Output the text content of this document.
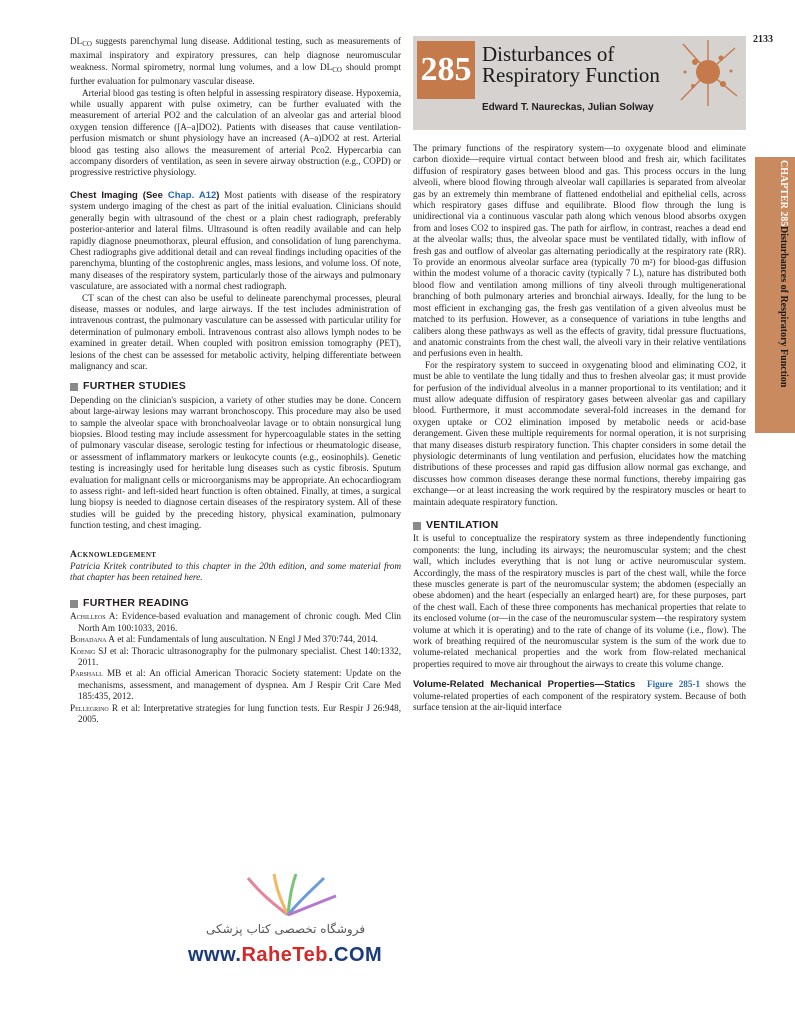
2133
285 Disturbances of
Respiratory Function
Edward T. Naureckas, Julian Solway
CHAPTER 285Disturbances of Respiratory Function

$DL_{CO}$ suggests parenchymal lung disease. Additional testing, such as measurements of maximal inspiratory and expiratory pressures, can help diagnose neuromuscular weakness. Normal spirometry, normal lung volumes, and a low $DL_{CO}$ should prompt further evaluation for pulmonary vascular disease.

Arterial blood gas testing is often helpful in assessing respiratory disease. Hypoxemia, while usually apparent with pulse oximetry, can be further evaluated with the measurement of arterial PO2 and the calculation of an alveolar gas and arterial blood oxygen tension difference ([A–a]DO2). Patients with diseases that cause ventilation-perfusion mismatch or shunt physiology have an increased (A–a)DO2 at rest. Arterial blood gas testing also allows the measurement of arterial Pco2. Hypercarbia can accompany disorders of ventilation, as seen in severe airway obstruction (e.g., COPD) or progressive restrictive physiology.

Chest Imaging (See Chap. A12) Most patients with disease of the respiratory system undergo imaging of the chest as part of the initial evaluation. Clinicians should generally begin with ultrasound of the chest or a plain chest radiograph, preferably posterior-anterior and lateral films. Ultrasound is often readily available and can help rapidly diagnose pneumothorax, pleural effusion, and consolidation of lung parenchyma. Chest radiographs give additional detail and can reveal findings including opacities of the parenchyma, blunting of the costophrenic angles, mass lesions, and volume loss. Of note, many diseases of the respiratory system, particularly those of the airways and pulmonary vasculature, are associated with a normal chest radiograph.

CT scan of the chest can also be useful to delineate parenchymal processes, pleural disease, masses or nodules, and large airways. If the test includes administration of intravenous contrast, the pulmonary vasculature can be assessed with particular utility for determination of pulmonary emboli. Intravenous contrast also allows lymph nodes to be examined in greater detail. When coupled with positron emission tomography (PET), lesions of the chest can be assessed for metabolic activity, helping differentiate between malignancy and scar.

FURTHER STUDIES

Depending on the clinician's suspicion, a variety of other studies may be done. Concern about large-airway lesions may warrant bronchoscopy. This procedure may also be used to sample the alveolar space with bronchoalveolar lavage or to obtain nonsurgical lung biopsies. Blood testing may include assessment for hypercoagulable states in the setting of pulmonary vascular disease, serologic testing for infectious or rheumatologic disease, or assessment of inflammatory markers or leukocyte counts (e.g., eosinophils). Genetic testing is increasingly used for heritable lung diseases such as cystic fibrosis. Sputum evaluation for malignant cells or microorganisms may be appropriate. An echocardiogram to assess right- and left-sided heart function is often obtained. Finally, at times, a surgical lung biopsy is needed to diagnose certain diseases of the respiratory system. All of these studies will be guided by the preceding history, physical examination, pulmonary function testing, and chest imaging.

Acknowledgement

Patricia Kritek contributed to this chapter in the 20th edition, and some material from that chapter has been retained here.

FURTHER READING

Achilleos A: Evidence-based evaluation and management of chronic cough. Med Clin North Am 100:1033, 2016.

Bohadana A et al: Fundamentals of lung auscultation. N Engl J Med 370:744, 2014.

Koenig SJ et al: Thoracic ultrasonography for the pulmonary specialist. Chest 140:1332, 2011.

Parshall MB et al: An official American Thoracic Society statement: Update on the mechanisms, assessment, and management of dyspnea. Am J Respir Crit Care Med 185:435, 2012.

Pellegrino R et al: Interpretative strategies for lung function tests. Eur Respir J 26:948, 2005.

The primary functions of the respiratory system—to oxygenate blood and eliminate carbon dioxide—require virtual contact between blood and fresh air, which facilitates diffusion of respiratory gases between blood and gas. This process occurs in the lung alveoli, where blood flowing through alveolar wall capillaries is separated from alveolar gas by an extremely thin membrane of flattened endothelial and epithelial cells, across which respiratory gases diffuse and equilibrate. Blood flow through the lung is unidirectional via a continuous vascular path along which venous blood absorbs oxygen from and loses CO2 to inspired gas. The path for airflow, in contrast, reaches a dead end at the alveolar walls; thus, the alveolar space must be ventilated tidally, with inflow of fresh gas and outflow of alveolar gas alternating periodically at the respiratory rate (RR). To provide an enormous alveolar surface area (typically 70 m²) for blood-gas diffusion within the modest volume of a thoracic cavity (typically 7 L), nature has distributed both blood flow and ventilation among millions of tiny alveoli through multigenerational branching of both pulmonary arteries and bronchial airways. Ideally, for the lung to be most efficient in exchanging gas, the fresh gas ventilation of a given alveolus must be matched to its perfusion. However, as a consequence of variations in tube lengths and calibers along these pathways as well as the effects of gravity, tidal pressure fluctuations, and anatomic constraints from the chest wall, the alveoli vary in their relative ventilations and perfusions even in health.

For the respiratory system to succeed in oxygenating blood and eliminating CO2, it must be able to ventilate the lung tidally and thus to freshen alveolar gas; it must provide for perfusion of the individual alveolus in a manner proportional to its ventilation; and it must allow adequate diffusion of respiratory gases between alveolar gas and capillary blood. Furthermore, it must accommodate several-fold increases in the demand for oxygen uptake or CO2 elimination imposed by metabolic needs or acid-base derangement. Given these multiple requirements for normal operation, it is not surprising that many diseases disturb respiratory function. This chapter considers in some detail the physiologic determinants of lung ventilation and perfusion, elucidates how the matching distributions of these processes and rapid gas diffusion allow normal gas exchange, and discusses how common diseases derange these normal functions, thereby impairing gas exchange—or at least increasing the work required by the respiratory muscles or heart to maintain adequate respiratory function.

VENTILATION

It is useful to conceptualize the respiratory system as three independently functioning components: the lung, including its airways; the neuromuscular system; and the chest wall, which includes everything that is not lung or active neuromuscular system. Accordingly, the mass of the respiratory muscles is part of the chest wall, while the force these muscles generate is part of the neuromuscular system; the abdomen (especially an obese abdomen) and the heart (especially an enlarged heart) are, for these purposes, part of the chest wall. Each of these three components has mechanical properties that relate to its enclosed volume (or—in the case of the neuromuscular system—the respiratory system volume at which it is operating) and to the rate of change of its volume (i.e., flow). The work of breathing required of the neuromuscular system is the sum of the work due to volume-related mechanical properties and the work from flow-related mechanical properties required to move air throughout the airways to create this volume change.

Volume-Related Mechanical Properties—Statics Figure 285-1 shows the volume-related properties of each component of the respiratory system. Because of both surface tension at the air-liquid interface

فروشگاه تخصصی کتاب پزشکی
www.RaheTeb.COM
